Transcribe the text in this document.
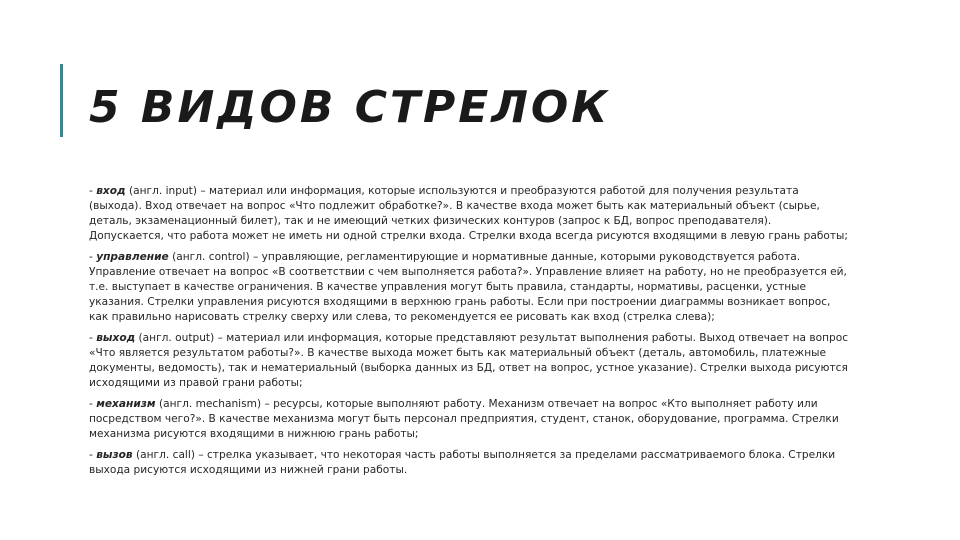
5 ВИДОВ СТРЕЛОК

- вход (англ. input) – материал или информация, которые используются и преобразуются работой для получения результата (выхода). Вход отвечает на вопрос «Что подлежит обработке?». В качестве входа может быть как материальный объект (сырье, деталь, экзаменационный билет), так и не имеющий четких физических контуров (запрос к БД, вопрос преподавателя). Допускается, что работа может не иметь ни одной стрелки входа. Стрелки входа всегда рисуются входящими в левую грань работы;

- управление (англ. control) – управляющие, регламентирующие и нормативные данные, которыми руководствуется работа. Управление отвечает на вопрос «В соответствии с чем выполняется работа?». Управление влияет на работу, но не преобразуется ей, т.е. выступает в качестве ограничения. В качестве управления могут быть правила, стандарты, нормативы, расценки, устные указания. Стрелки управления рисуются входящими в верхнюю грань работы. Если при построении диаграммы возникает вопрос, как правильно нарисовать стрелку сверху или слева, то рекомендуется ее рисовать как вход (стрелка слева);

- выход (англ. output) – материал или информация, которые представляют результат выполнения работы. Выход отвечает на вопрос «Что является результатом работы?». В качестве выхода может быть как материальный объект (деталь, автомобиль, платежные документы, ведомость), так и нематериальный (выборка данных из БД, ответ на вопрос, устное указание). Стрелки выхода рисуются исходящими из правой грани работы;

- механизм (англ. mechanism) – ресурсы, которые выполняют работу. Механизм отвечает на вопрос «Кто выполняет работу или посредством чего?». В качестве механизма могут быть персонал предприятия, студент, станок, оборудование, программа. Стрелки механизма рисуются входящими в нижнюю грань работы;

- вызов (англ. call) – стрелка указывает, что некоторая часть работы выполняется за пределами рассматриваемого блока. Стрелки выхода рисуются исходящими из нижней грани работы.
